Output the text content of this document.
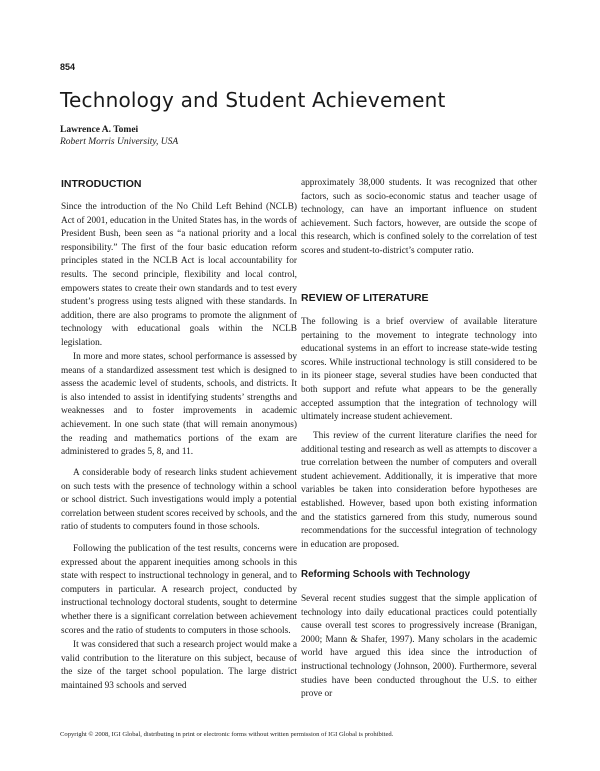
854
Technology and Student Achievement
Lawrence A. Tomei
Robert Morris University, USA
INTRODUCTION

Since the introduction of the No Child Left Behind (NCLB) Act of 2001, education in the United States has, in the words of President Bush, been seen as “a national priority and a local responsibility.” The first of the four basic education reform principles stated in the NCLB Act is local accountability for results. The second principle, flexibility and local control, empowers states to create their own standards and to test every student’s progress using tests aligned with these standards. In addition, there are also programs to promote the alignment of technology with educational goals within the NCLB legislation.

In more and more states, school performance is assessed by means of a standardized assessment test which is designed to assess the academic level of students, schools, and districts. It is also intended to assist in identifying students’ strengths and weaknesses and to foster improvements in academic achievement. In one such state (that will remain anonymous) the reading and mathematics portions of the exam are administered to grades 5, 8, and 11.

A considerable body of research links student achievement on such tests with the presence of technology within a school or school district. Such investigations would imply a potential correlation between student scores received by schools, and the ratio of students to computers found in those schools.

Following the publication of the test results, concerns were expressed about the apparent inequities among schools in this state with respect to instructional technology in general, and to computers in particular. A research project, conducted by instructional technology doctoral students, sought to determine whether there is a significant correlation between achievement scores and the ratio of students to computers in those schools.

It was considered that such a research project would make a valid contribution to the literature on this subject, because of the size of the target school population. The large district maintained 93 schools and served

approximately 38,000 students. It was recognized that other factors, such as socio-economic status and teacher usage of technology, can have an important influence on student achievement. Such factors, however, are outside the scope of this research, which is confined solely to the correlation of test scores and student-to-district’s computer ratio.

REVIEW OF LITERATURE

The following is a brief overview of available literature pertaining to the movement to integrate technology into educational systems in an effort to increase state-wide testing scores. While instructional technology is still considered to be in its pioneer stage, several studies have been conducted that both support and refute what appears to be the generally accepted assumption that the integration of technology will ultimately increase student achievement.

This review of the current literature clarifies the need for additional testing and research as well as attempts to discover a true correlation between the number of computers and overall student achievement. Additionally, it is imperative that more variables be taken into consideration before hypotheses are established. However, based upon both existing information and the statistics garnered from this study, numerous sound recommendations for the successful integration of technology in education are proposed.

Reforming Schools with Technology

Several recent studies suggest that the simple application of technology into daily educational practices could potentially cause overall test scores to progressively increase (Branigan, 2000; Mann & Shafer, 1997). Many scholars in the academic world have argued this idea since the introduction of instructional technology (Johnson, 2000). Furthermore, several studies have been conducted throughout the U.S. to either prove or

Copyright © 2008, IGI Global, distributing in print or electronic forms without written permission of IGI Global is prohibited.
